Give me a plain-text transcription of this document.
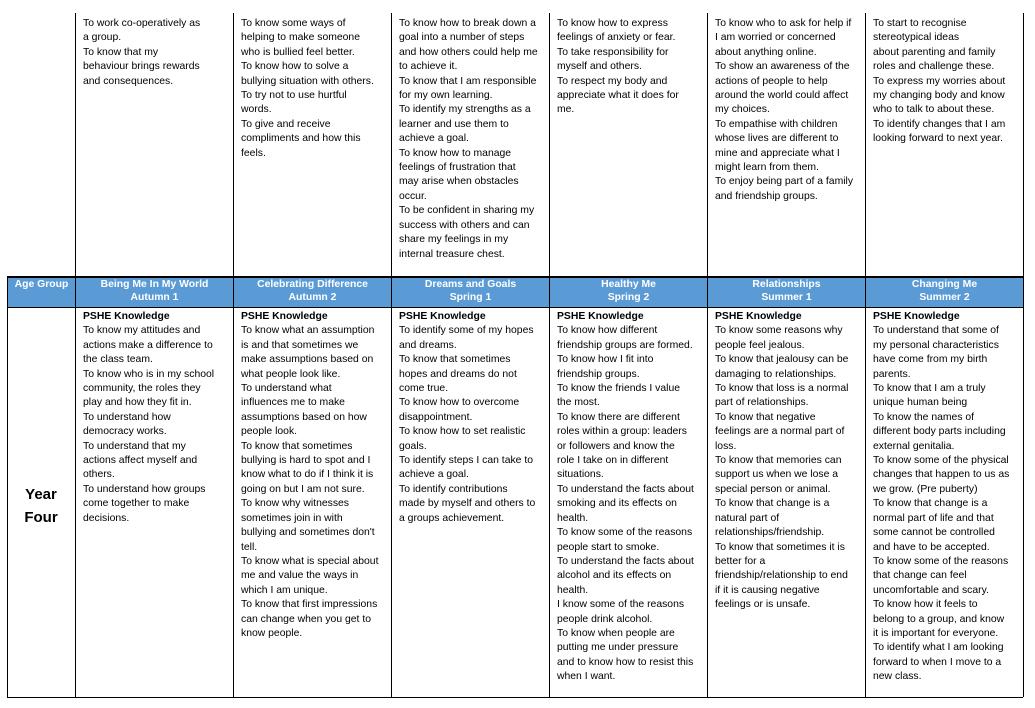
To work co-operatively as
a group.
To know that my
behaviour brings rewards
and consequences.
To know some ways of
helping to make someone
who is bullied feel better.
To know how to solve a
bullying situation with others.
To try not to use hurtful
words.
To give and receive
compliments and how this
feels.
To know how to break down a
goal into a number of steps
and how others could help me
to achieve it.
To know that I am responsible
for my own learning.
To identify my strengths as a
learner and use them to
achieve a goal.
To know how to manage
feelings of frustration that
may arise when obstacles
occur.
To be confident in sharing my
success with others and can
share my feelings in my
internal treasure chest.
To know how to express
feelings of anxiety or fear.
To take responsibility for
myself and others.
To respect my body and
appreciate what it does for
me.
To know who to ask for help if
I am worried or concerned
about anything online.
To show an awareness of the
actions of people to help
around the world could affect
my choices.
To empathise with children
whose lives are different to
mine and appreciate what I
might learn from them.
To enjoy being part of a family
and friendship groups.
To start to recognise
stereotypical ideas
about parenting and family
roles and challenge these.
To express my worries about
my changing body and know
who to talk to about these.
To identify changes that I am
looking forward to next year.
Age Group	Being Me In My World
Autumn 1
Celebrating Difference
Autumn 2
Dreams and Goals
Spring 1
Healthy Me
Spring 2
Relationships
Summer 1
Changing Me
Summer 2
Year
Four
PSHE Knowledge
To know my attitudes and
actions make a difference to
the class team.
To know who is in my school
community, the roles they
play and how they fit in.
To understand how
democracy works.
To understand that my
actions affect myself and
others.
To understand how groups
come together to make
decisions.
PSHE Knowledge
To know what an assumption
is and that sometimes we
make assumptions based on
what people look like.
To understand what
influences me to make
assumptions based on how
people look.
To know that sometimes
bullying is hard to spot and I
know what to do if I think it is
going on but I am not sure.
To know why witnesses
sometimes join in with
bullying and sometimes don't
tell.
To know what is special about
me and value the ways in
which I am unique.
To know that first impressions
can change when you get to
know people.
PSHE Knowledge
To identify some of my hopes
and dreams.
To know that sometimes
hopes and dreams do not
come true.
To know how to overcome
disappointment.
To know how to set realistic
goals.
To identify steps I can take to
achieve a goal.
To identify contributions
made by myself and others to
a groups achievement.
PSHE Knowledge
To know how different
friendship groups are formed.
To know how I fit into
friendship groups.
To know the friends I value
the most.
To know there are different
roles within a group: leaders
or followers and know the
role I take on in different
situations.
To understand the facts about
smoking and its effects on
health.
To know some of the reasons
people start to smoke.
To understand the facts about
alcohol and its effects on
health.
I know some of the reasons
people drink alcohol.
To know when people are
putting me under pressure
and to know how to resist this
when I want.
PSHE Knowledge
To know some reasons why
people feel jealous.
To know that jealousy can be
damaging to relationships.
To know that loss is a normal
part of relationships.
To know that negative
feelings are a normal part of
loss.
To know that memories can
support us when we lose a
special person or animal.
To know that change is a
natural part of
relationships/friendship.
To know that sometimes it is
better for a
friendship/relationship to end
if it is causing negative
feelings or is unsafe.
PSHE Knowledge
To understand that some of
my personal characteristics
have come from my birth
parents.
To know that I am a truly
unique human being
To know the names of
different body parts including
external genitalia.
To know some of the physical
changes that happen to us as
we grow. (Pre puberty)
To know that change is a
normal part of life and that
some cannot be controlled
and have to be accepted.
To know some of the reasons
that change can feel
uncomfortable and scary.
To know how it feels to
belong to a group, and know
it is important for everyone.
To identify what I am looking
forward to when I move to a
new class.
